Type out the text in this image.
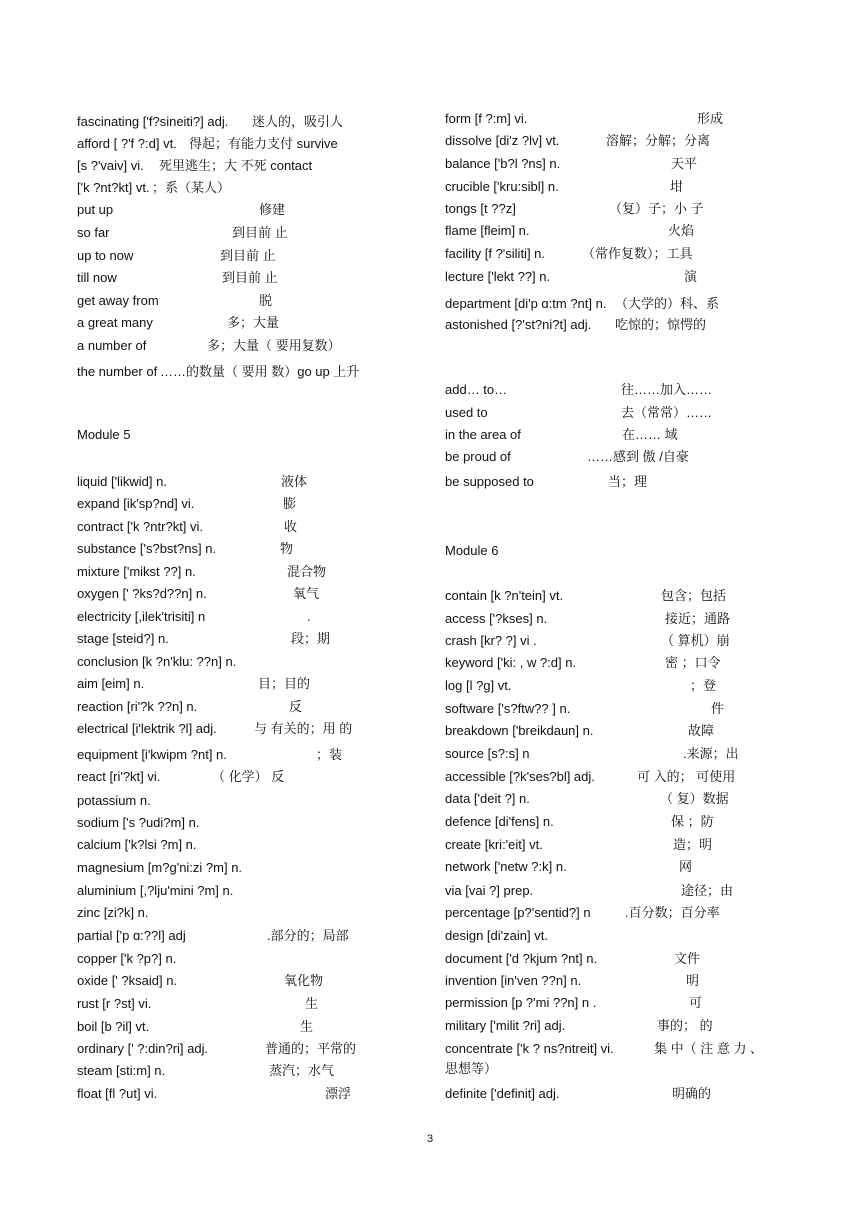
fascinating ['f?sineiti?] adj. 迷人的，吸引人
afford [ ?'f ?:d] vt. 得起；有能力支付 survive
[s ?'vaiv] vi. 死里逃生；大 不死 contact
['k ?nt?kt] vt. ；系（某人）
put up	修建
so far	到目前 止
up to now	到目前 止
till now	到目前 止
get away from	脱
a great many	多；大量
a number of	多；大量（ 要用复数）
the number of ……的数量（ 要用 数）go up 上升
Module 5
liquid ['likwid] n.	液体
expand [ik'sp?nd] vi.	膨
contract ['k ?ntr?kt] vi.	收
substance ['s?bst?ns] n.	物
mixture ['mikst ??] n.	混合物
oxygen [' ?ks?d??n] n.	氧气
electricity [,ilek'trisiti] n	.
stage [steid?] n.	段；期
conclusion [k ?n'klu: ??n] n.
aim [eim] n.	目；目的
reaction [ri'?k ??n] n.	反
electrical [i'lektrik ?l] adj.	与 有关的；用 的
equipment [i'kwipm ?nt] n.	；装
react [ri'?kt] vi.	（ 化学） 反
potassium n.
sodium ['s ?udi?m] n.
calcium ['k?lsi ?m] n.
magnesium [m?g'ni:zi ?m] n.
aluminium [,?lju'mini ?m] n.
zinc [zi?k] n.
partial ['p ɑ:??l] adj	.部分的；局部
copper ['k ?p?] n.
oxide [' ?ksaid] n.	氧化物
rust [r ?st] vi.	生
boil [b ?il] vt.	生
ordinary [' ?:din?ri] adj.	普通的；平常的
steam [sti:m] n.	蒸汽；水气
float [fl ?ut] vi.	漂浮
form [f ?:m] vi.	形成
dissolve [di'z ?lv] vt.	溶解；分解；分离
balance ['b?l ?ns] n.	天平
crucible ['kru:sibl] n.	坩
tongs [t ??z]	（复）子；小 子
flame [fleim] n.	火焰
facility [f ?'siliti] n.	（常作复数）；工具
lecture ['lekt ??] n.	演
department [di'p ɑ:tm ?nt] n. （大学的）科、系
astonished [?'st?ni?t] adj. 吃惊的；惊愕的
add… to…	往……加入……
used to	去（常常）……
in the area of	在…… 域
be proud of	……感到 傲 /自豪
be supposed to	当；理
Module 6
contain [k ?n'tein] vt.	包含；包括
access ['?kses] n.	接近；通路
crash [kr? ?] vi .	（ 算机）崩
keyword ['ki: , w ?:d] n.	密 ；口令
log [l ?g] vt.	；登
software ['s?ftw?? ] n.	件
breakdown ['breikdaun] n.	故障
source [s?:s] n	.来源；出
accessible [?k'ses?bl] adj.	可 入的； 可使用
data ['deit ?] n.	（ 复）数据
defence [di'fens] n.	保 ；防
create [kri:'eit] vt.	造；明
network ['netw ?:k] n.	网
via [vai ?] prep.	途径；由
percentage [p?'sentid?] n	.百分数；百分率
design [di'zain] vt.
document ['d ?kjum ?nt] n.	文件
invention [in'ven ??n] n.	明
permission [p ?'mi ??n] n .	可
military ['milit ?ri] adj.	事的； 的
concentrate ['k ? ns?ntreit] vi.	集 中（ 注 意 力 、
思想等）
definite ['definit] adj.	明确的
3
